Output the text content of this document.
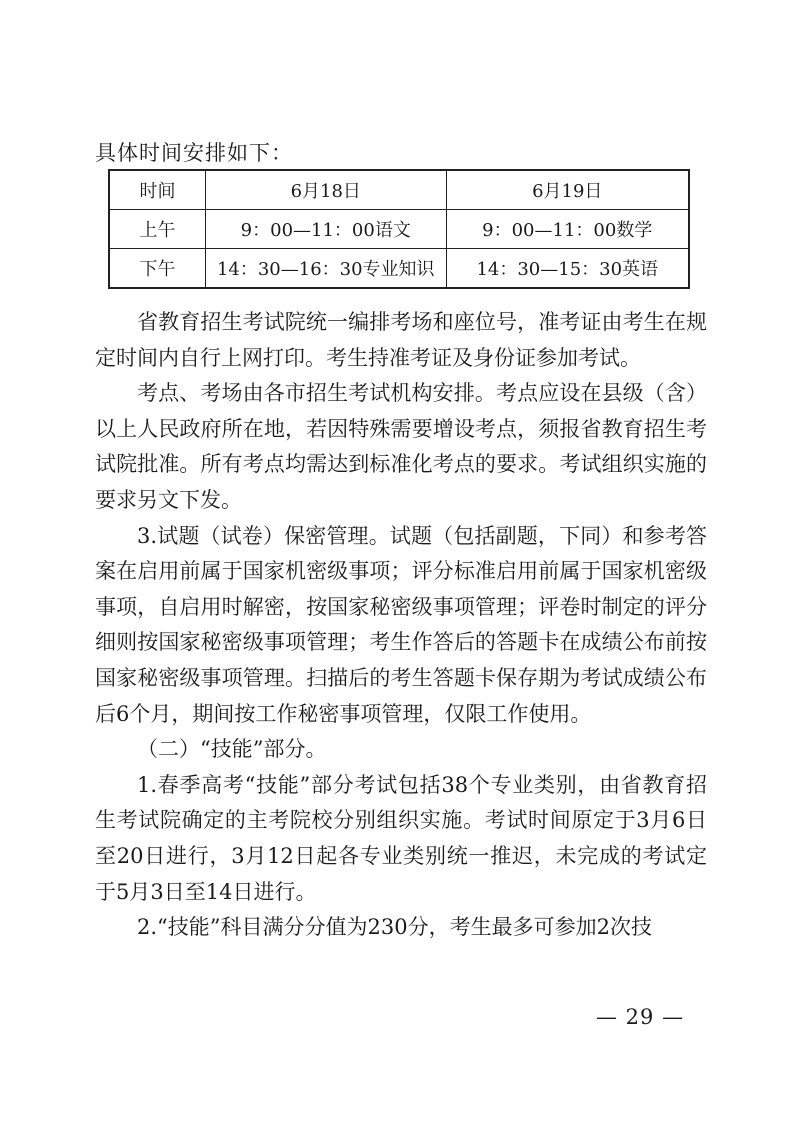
具体时间安排如下：
时间	6月18日	6月19日
上午	9：00—11：00语文	9：00—11：00数学
下午	14：30—16：30专业知识	14：30—15：30英语

省教育招生考试院统一编排考场和座位号，准考证由考生在规定时间内自行上网打印。考生持准考证及身份证参加考试。

考点、考场由各市招生考试机构安排。考点应设在县级（含）以上人民政府所在地，若因特殊需要增设考点，须报省教育招生考试院批准。所有考点均需达到标准化考点的要求。考试组织实施的要求另文下发。

3.试题（试卷）保密管理。试题（包括副题，下同）和参考答案在启用前属于国家机密级事项；评分标准启用前属于国家机密级事项，自启用时解密，按国家秘密级事项管理；评卷时制定的评分细则按国家秘密级事项管理；考生作答后的答题卡在成绩公布前按国家秘密级事项管理。扫描后的考生答题卡保存期为考试成绩公布后6个月，期间按工作秘密事项管理，仅限工作使用。

（二）“技能”部分。

1.春季高考“技能”部分考试包括38个专业类别，由省教育招生考试院确定的主考院校分别组织实施。考试时间原定于3月6日至20日进行，3月12日起各专业类别统一推迟，未完成的考试定于5月3日至14日进行。

2.“技能”科目满分分值为230分，考生最多可参加2次技

— 29 —
